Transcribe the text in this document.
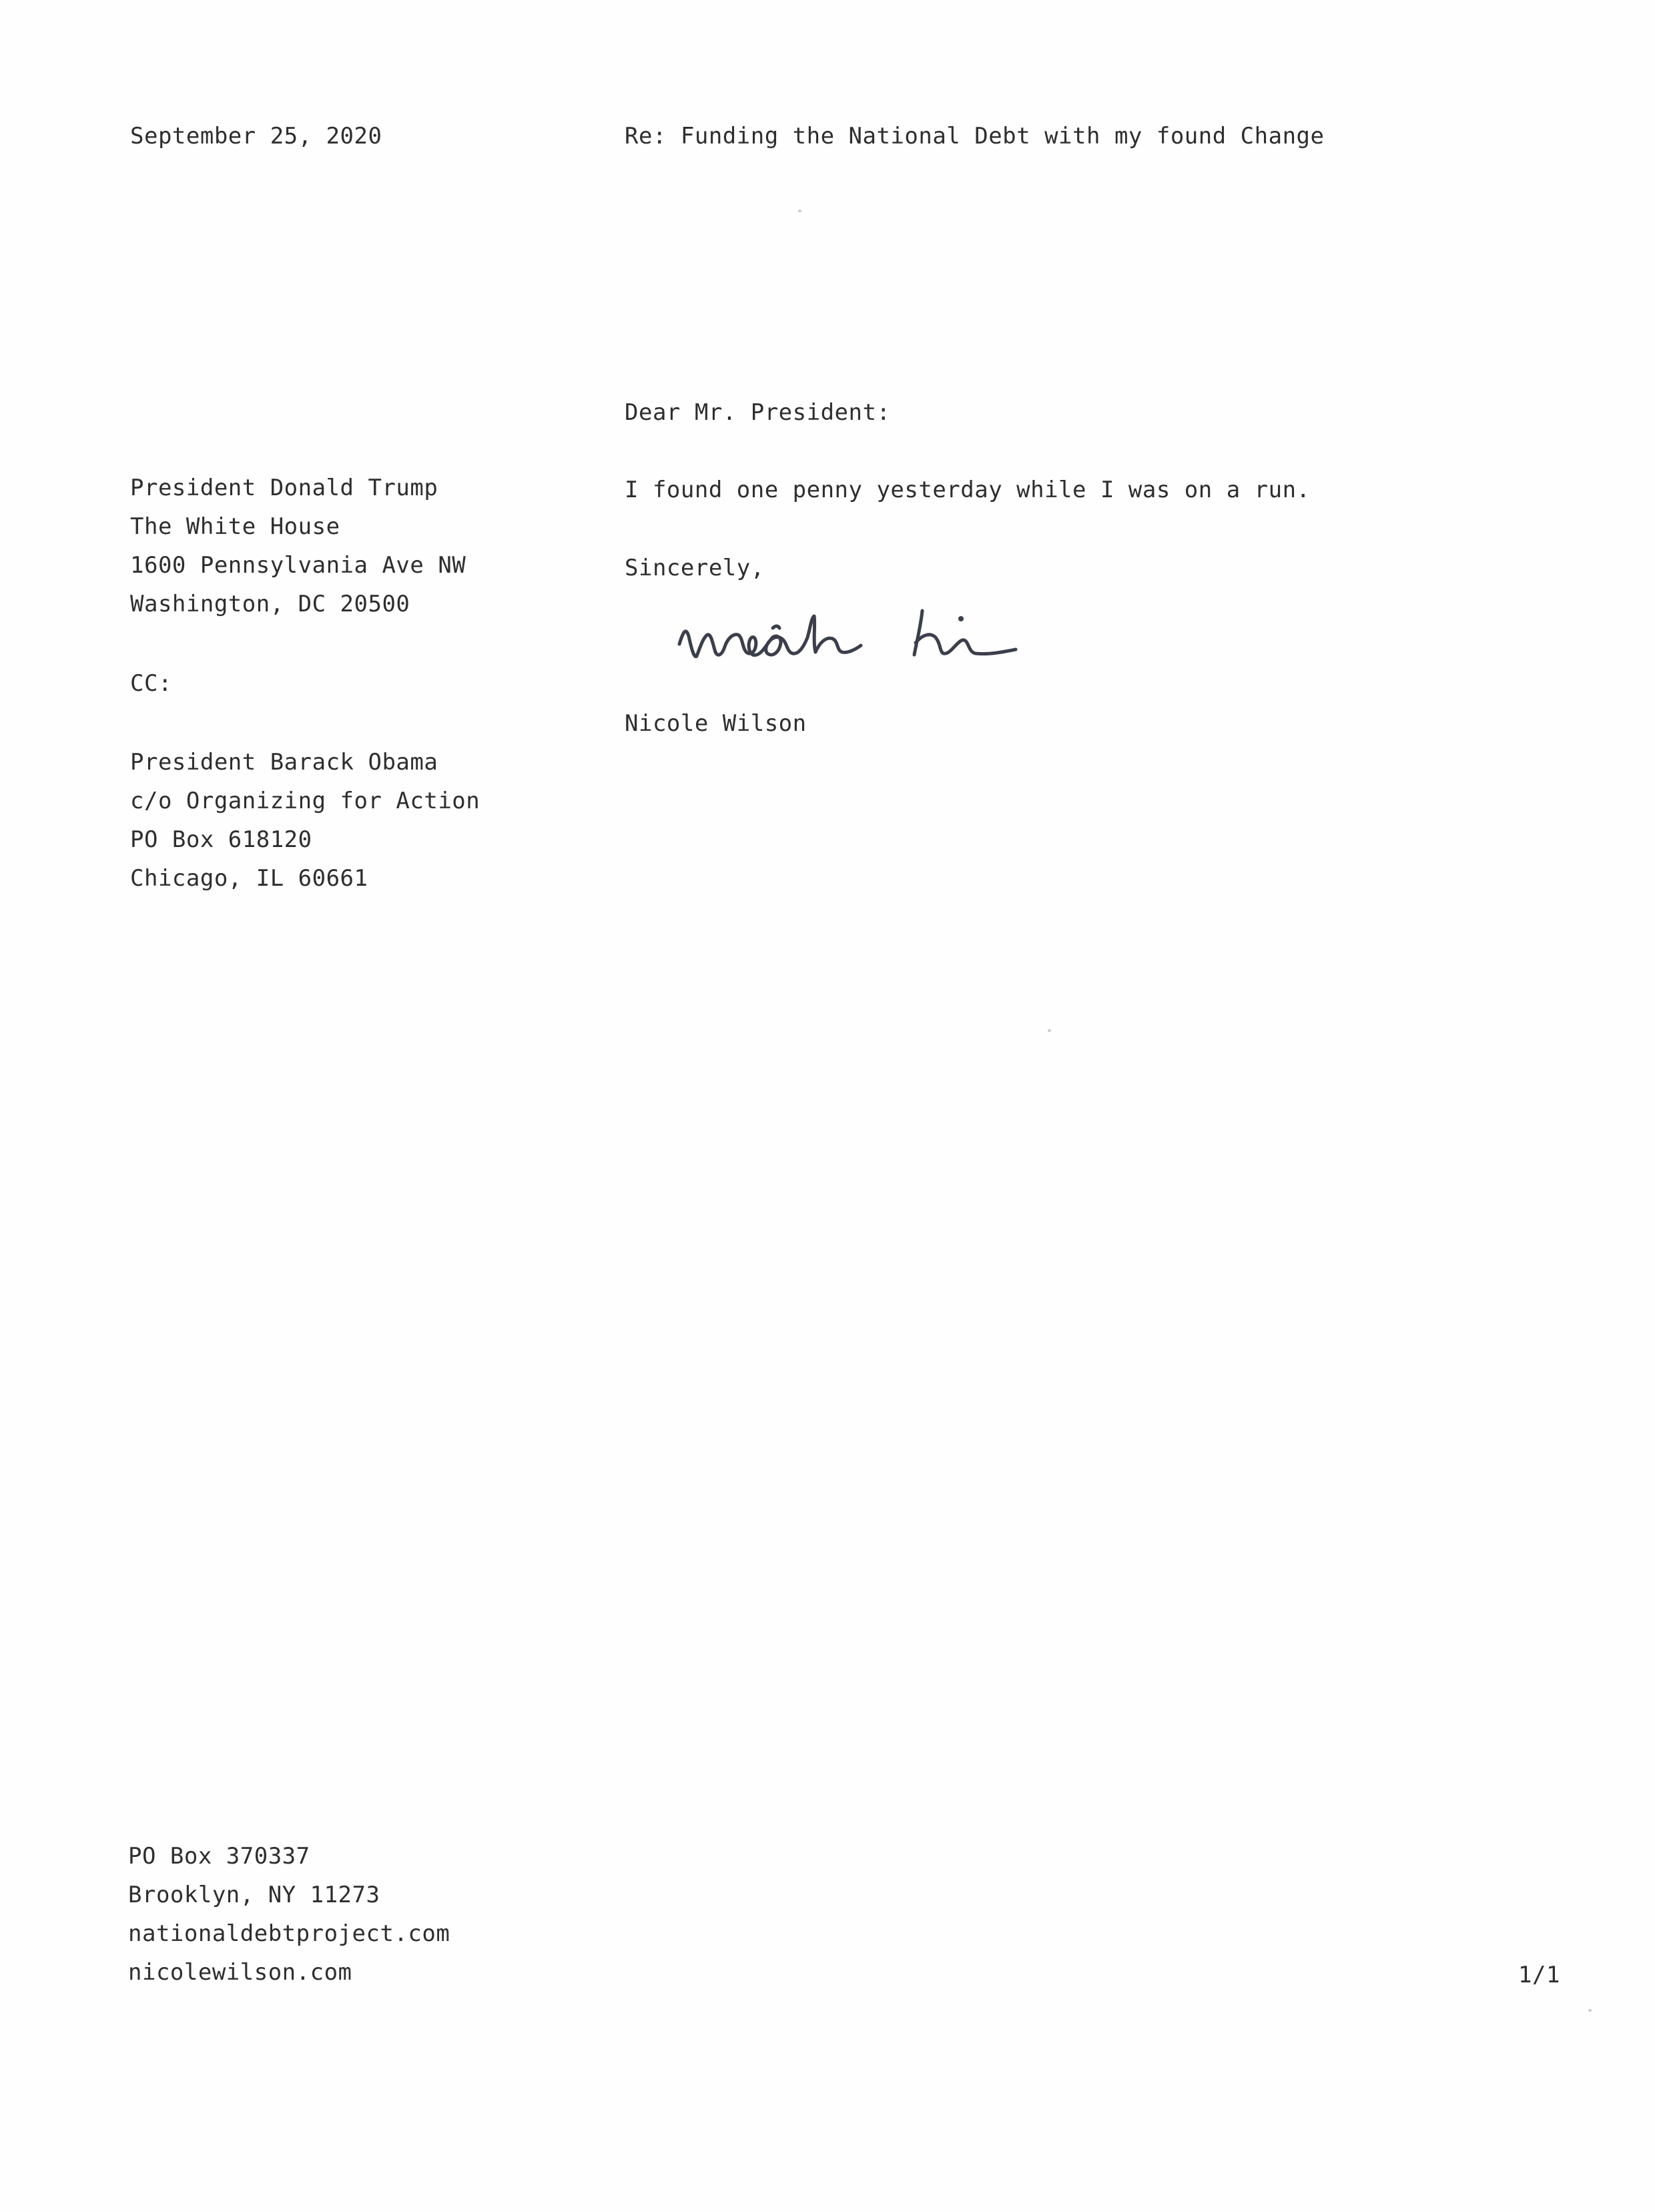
September 25, 2020	Re: Funding the National Debt with my found Change
Dear Mr. President:
I found one penny yesterday while I was on a run.
Sincerely,
Nicole Wilson
President Donald Trump
The White House
1600 Pennsylvania Ave NW
Washington, DC 20500
CC:
President Barack Obama
c/o Organizing for Action
PO Box 618120
Chicago, IL 60661
PO Box 370337
Brooklyn, NY 11273
nationaldebtproject.com
nicolewilson.com	1/1
